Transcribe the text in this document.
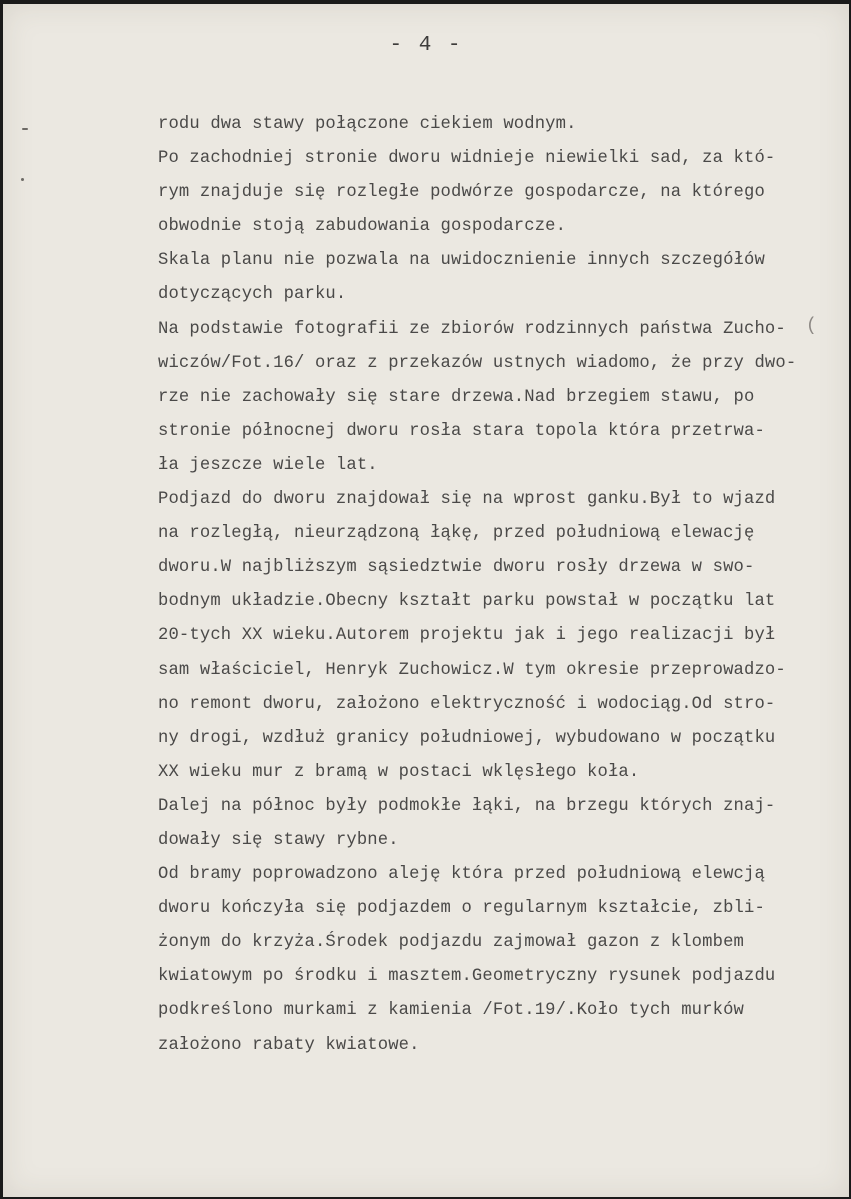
- 4 -
(
rodu dwa stawy połączone ciekiem wodnym.
Po zachodniej stronie dworu widnieje niewielki sad, za któ-
rym znajduje się rozległe podwórze gospodarcze, na którego
obwodnie stoją zabudowania gospodarcze.
Skala planu nie pozwala na uwidocznienie innych szczegółów
dotyczących parku.
Na podstawie fotografii ze zbiorów rodzinnych państwa Zucho-
wiczów/Fot.16/ oraz z przekazów ustnych wiadomo, że przy dwo-
rze nie zachowały się stare drzewa.Nad brzegiem stawu, po
stronie północnej dworu rosła stara topola która przetrwa-
ła jeszcze wiele lat.
Podjazd do dworu znajdował się na wprost ganku.Był to wjazd
na rozległą, nieurządzoną łąkę, przed południową elewację
dworu.W najbliższym sąsiedztwie dworu rosły drzewa w swo-
bodnym układzie.Obecny kształt parku powstał w początku lat
20-tych XX wieku.Autorem projektu jak i jego realizacji był
sam właściciel, Henryk Zuchowicz.W tym okresie przeprowadzo-
no remont dworu, założono elektryczność i wodociąg.Od stro-
ny drogi, wzdłuż granicy południowej, wybudowano w początku
XX wieku mur z bramą w postaci wklęsłego koła.
Dalej na północ były podmokłe łąki, na brzegu których znaj-
dowały się stawy rybne.
Od bramy poprowadzono aleję która przed południową elewcją
dworu kończyła się podjazdem o regularnym kształcie, zbli-
żonym do krzyża.Środek podjazdu zajmował gazon z klombem
kwiatowym po środku i masztem.Geometryczny rysunek podjazdu
podkreślono murkami z kamienia /Fot.19/.Koło tych murków
założono rabaty kwiatowe.
